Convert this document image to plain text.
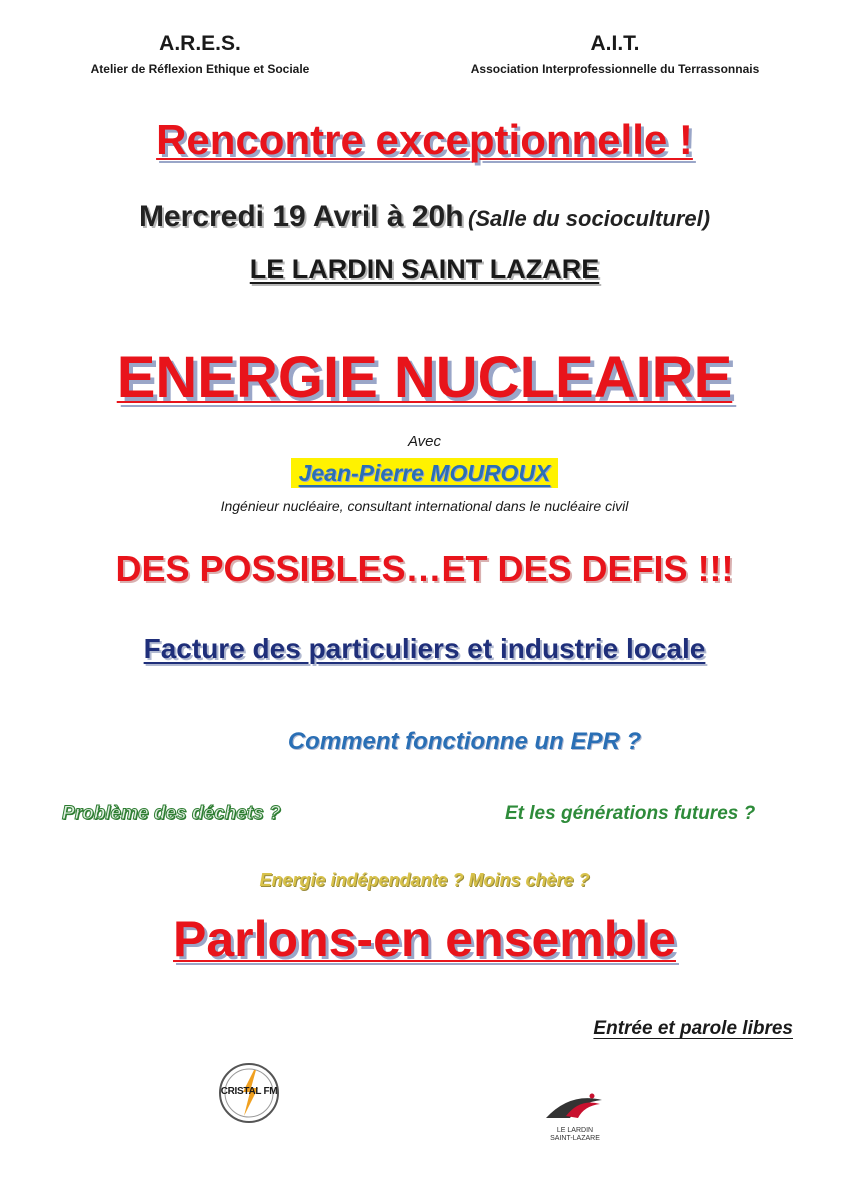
A.R.E.S.
Atelier de Réflexion Ethique et Sociale
A.I.T.
Association Interprofessionnelle du Terrassonnais
Rencontre exceptionnelle !
Mercredi 19 Avril à 20h (Salle du socioculturel)
LE LARDIN SAINT LAZARE
ENERGIE NUCLEAIRE
Avec
Jean-Pierre MOUROUX
Ingénieur nucléaire, consultant international dans le nucléaire civil
DES POSSIBLES…ET DES DEFIS !!!
Facture des particuliers et industrie locale
Comment fonctionne un EPR ?
Problème des déchets ?	Et les générations futures ?
Energie indépendante ? Moins chère ?
Parlons-en ensemble
Entrée et parole libres
CRISTAL FM
LE LARDIN
SAINT-LAZARE
